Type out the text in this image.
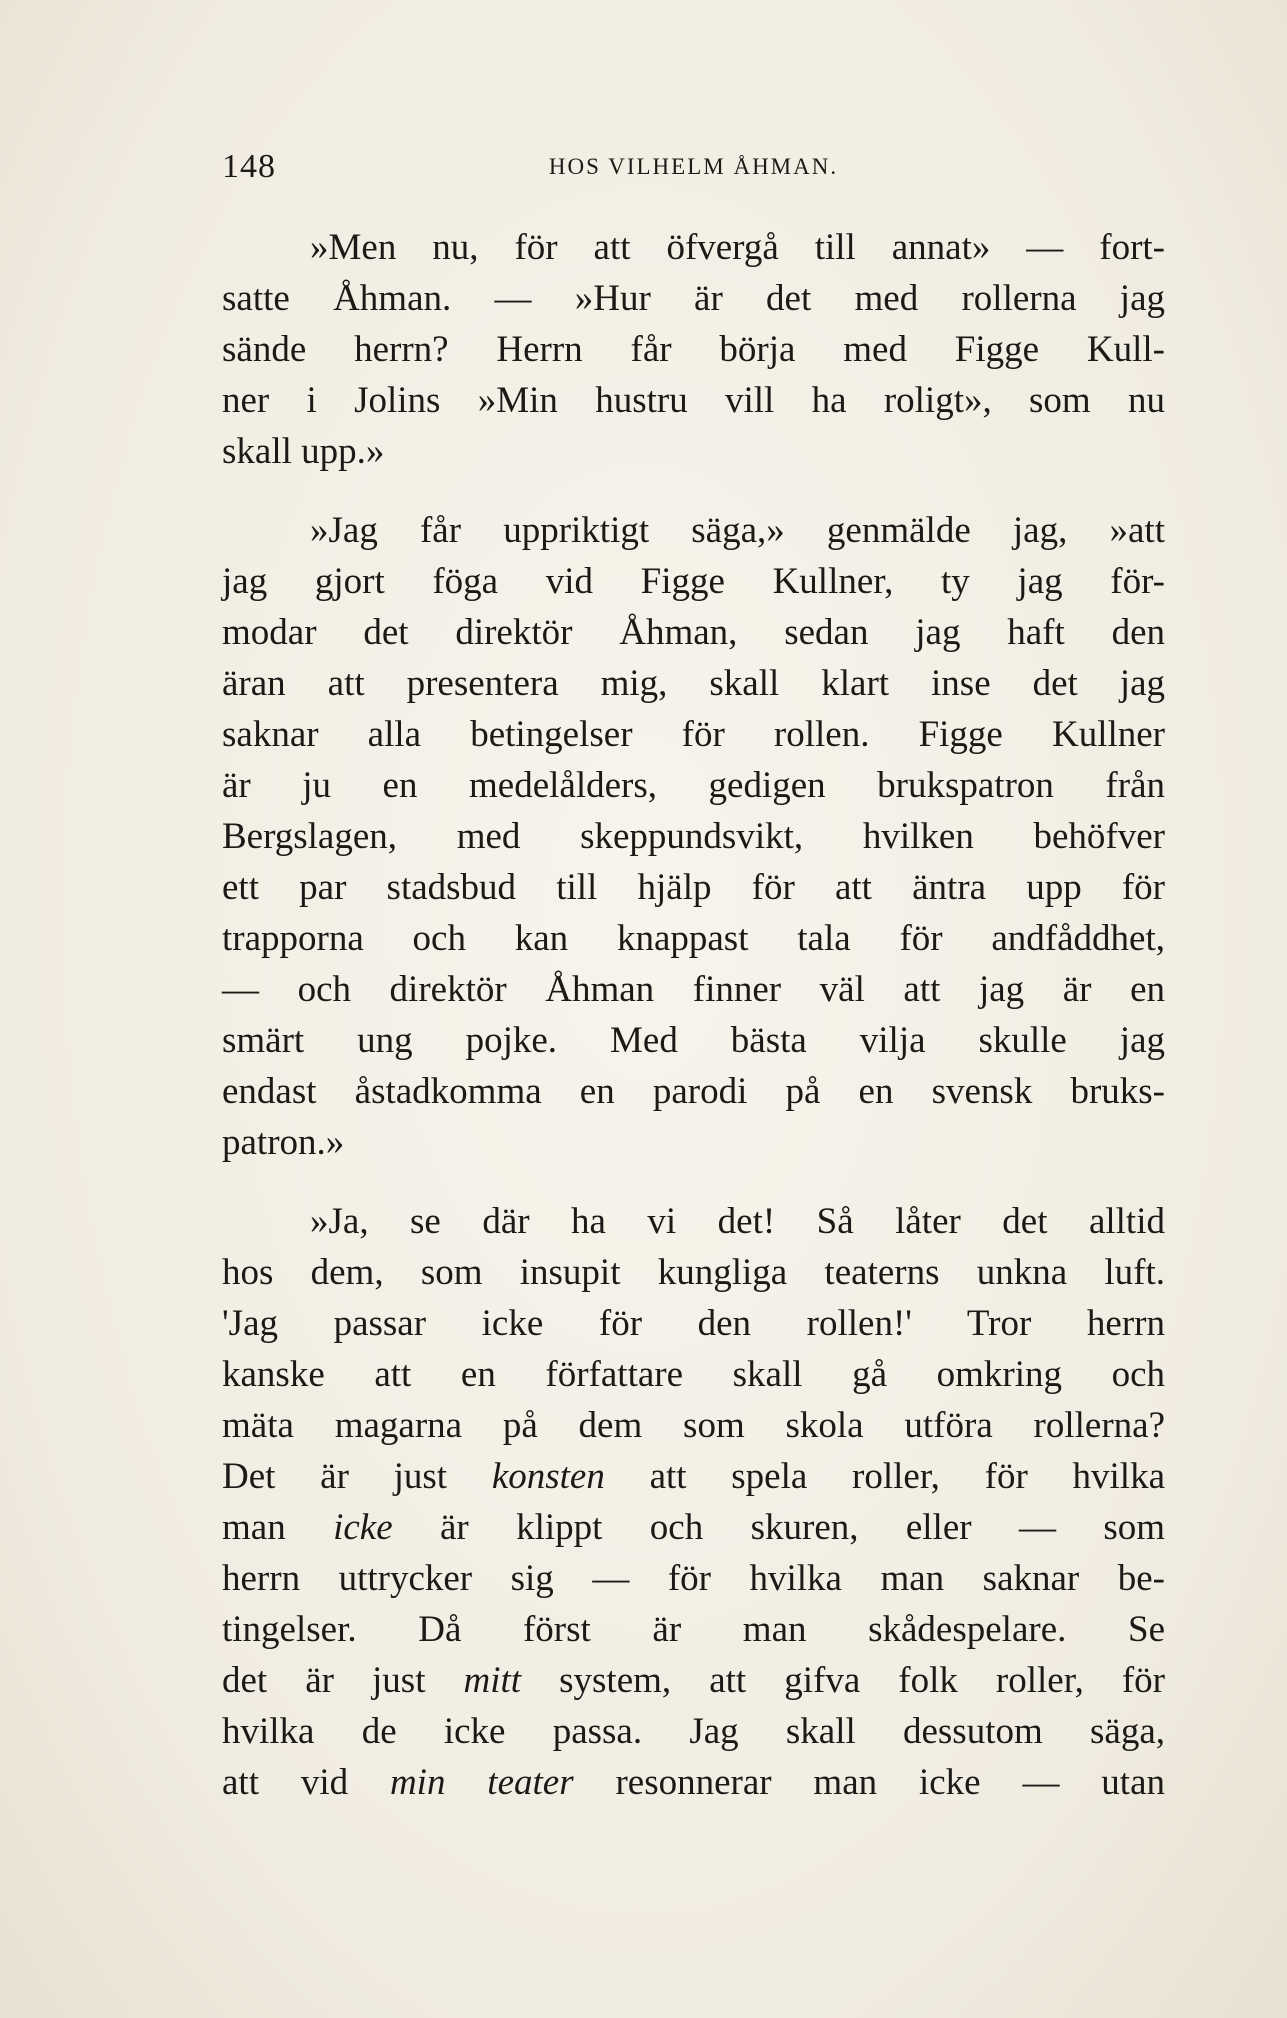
148	HOS VILHELM ÅHMAN.
»Men nu, för att öfvergå till annat» — fort-
satte Åhman. — »Hur är det med rollerna jag
sände herrn? Herrn får börja med Figge Kull-
ner i Jolins »Min hustru vill ha roligt», som nu
skall upp.»
»Jag får uppriktigt säga,» genmälde jag, »att
jag gjort föga vid Figge Kullner, ty jag för-
modar det direktör Åhman, sedan jag haft den
äran att presentera mig, skall klart inse det jag
saknar alla betingelser för rollen. Figge Kullner
är ju en medelålders, gedigen brukspatron från
Bergslagen, med skeppundsvikt, hvilken behöfver
ett par stadsbud till hjälp för att äntra upp för
trapporna och kan knappast tala för andfåddhet,
— och direktör Åhman finner väl att jag är en
smärt ung pojke. Med bästa vilja skulle jag
endast åstadkomma en parodi på en svensk bruks-
patron.»
»Ja, se där ha vi det! Så låter det alltid
hos dem, som insupit kungliga teaterns unkna luft.
'Jag passar icke för den rollen!' Tror herrn
kanske att en författare skall gå omkring och
mäta magarna på dem som skola utföra rollerna?
Det är just konsten att spela roller, för hvilka
man icke är klippt och skuren, eller — som
herrn uttrycker sig — för hvilka man saknar be-
tingelser. Då först är man skådespelare. Se
det är just mitt system, att gifva folk roller, för
hvilka de icke passa. Jag skall dessutom säga,
att vid min teater resonnerar man icke — utan
